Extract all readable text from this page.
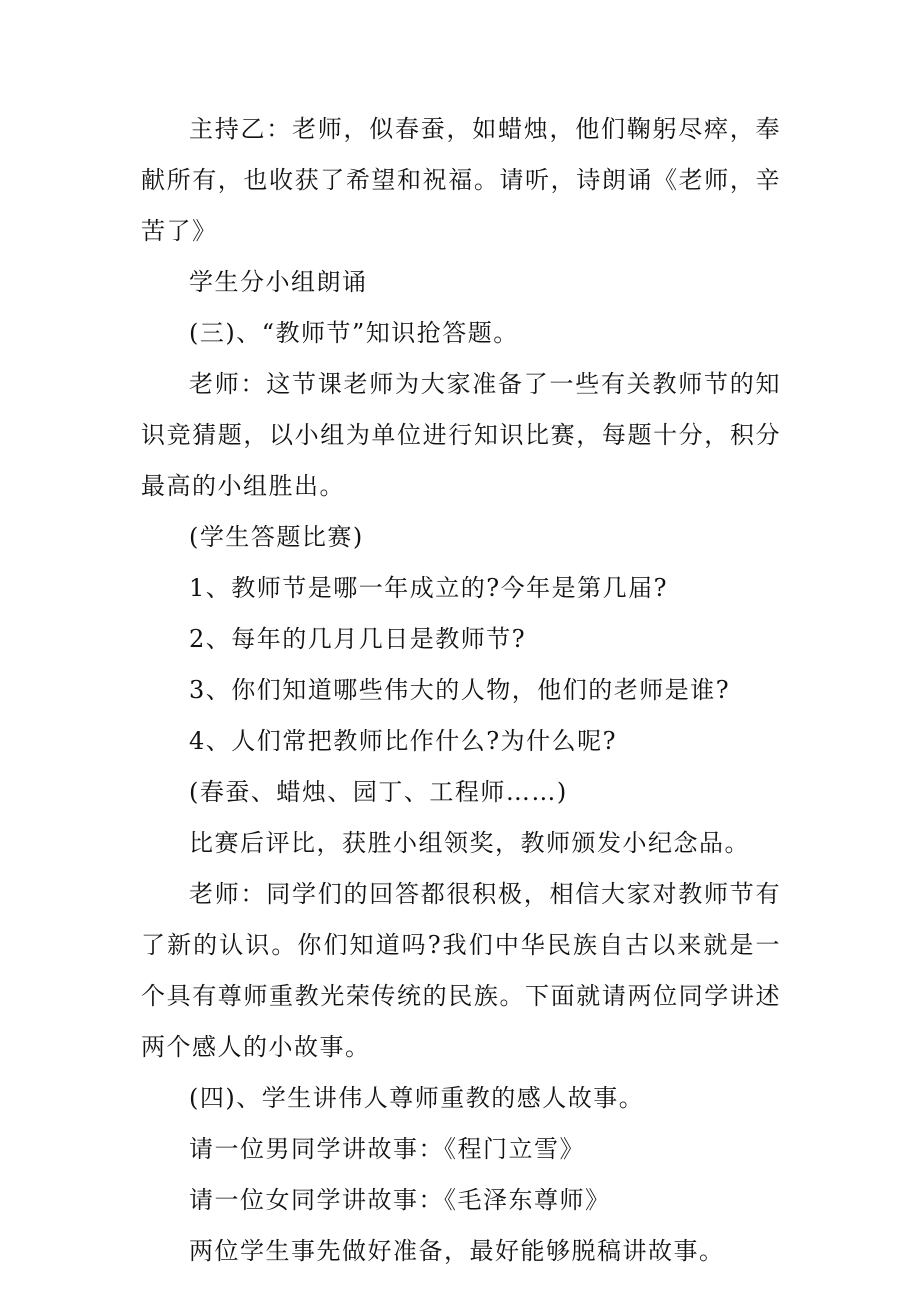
主持乙：老师，似春蚕，如蜡烛，他们鞠躬尽瘁，奉献所有，也收获了希望和祝福。请听，诗朗诵《老师，辛苦了》

学生分小组朗诵

(三)、“教师节”知识抢答题。

老师：这节课老师为大家准备了一些有关教师节的知识竞猜题，以小组为单位进行知识比赛，每题十分，积分最高的小组胜出。

(学生答题比赛)

1、教师节是哪一年成立的?今年是第几届?

2、每年的几月几日是教师节?

3、你们知道哪些伟大的人物，他们的老师是谁?

4、人们常把教师比作什么?为什么呢?

(春蚕、蜡烛、园丁、工程师……)

比赛后评比，获胜小组领奖，教师颁发小纪念品。

老师：同学们的回答都很积极，相信大家对教师节有了新的认识。你们知道吗?我们中华民族自古以来就是一个具有尊师重教光荣传统的民族。下面就请两位同学讲述两个感人的小故事。

(四)、学生讲伟人尊师重教的感人故事。

请一位男同学讲故事：《程门立雪》

请一位女同学讲故事：《毛泽东尊师》

两位学生事先做好准备，最好能够脱稿讲故事。
